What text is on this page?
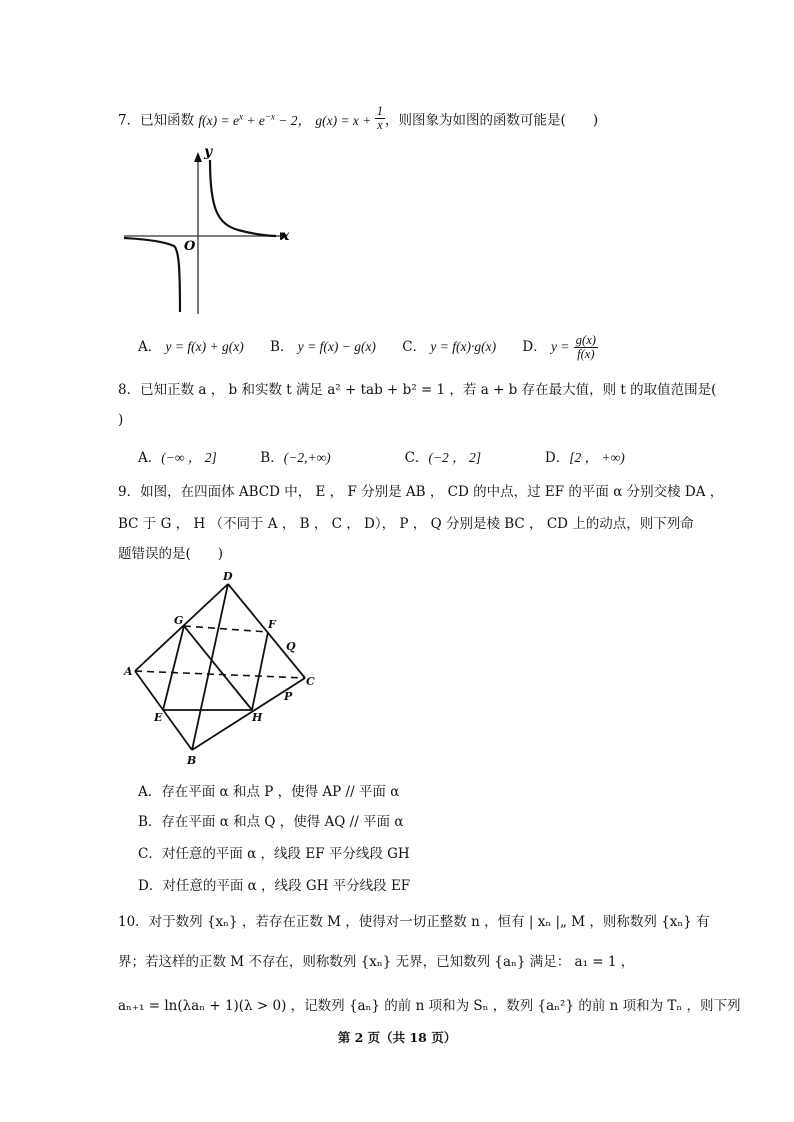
7．已知函数 $f(x) = e^x + e^{-x} - 2$， $g(x) = x + \frac{1}{x}$ ，则图象为如图的函数可能是(　　)
y
x
O
A． y = f(x) + g(x) B． y = f(x) − g(x) C． y = f(x)·g(x) D． $y = \frac{g(x)}{f(x)}$
8．已知正数 a ， b 和实数 t 满足 a² + tab + b² = 1 ，若 a + b 存在最大值，则 t 的取值范围是(
)
A．(−∞ ， 2]	B．(−2,+∞)	C．(−2 ， 2]	D．[2 ， +∞)
9．如图，在四面体 ABCD 中， E ， F 分别是 AB ， CD 的中点，过 EF 的平面 α 分别交棱 DA ，
BC 于 G ， H （不同于 A ， B ， C ， D）， P ， Q 分别是棱 BC ， CD 上的动点，则下列命
题错误的是(　　)
D
G	F
Q
A
C
P
E	H
B
A．存在平面 α 和点 P ，使得 AP // 平面 α
B．存在平面 α 和点 Q ，使得 AQ // 平面 α
C．对任意的平面 α ，线段 EF 平分线段 GH
D．对任意的平面 α ，线段 GH 平分线段 EF
10．对于数列 {xₙ} ，若存在正数 M ，使得对一切正整数 n ，恒有 | xₙ |„ M ，则称数列 {xₙ} 有
界；若这样的正数 M 不存在，则称数列 {xₙ} 无界，已知数列 {aₙ} 满足： a₁ = 1 ，
aₙ₊₁ = ln(λaₙ + 1)(λ > 0) ，记数列 {aₙ} 的前 n 项和为 Sₙ ，数列 {aₙ²} 的前 n 项和为 Tₙ ，则下列
第 2 页（共 18 页）
